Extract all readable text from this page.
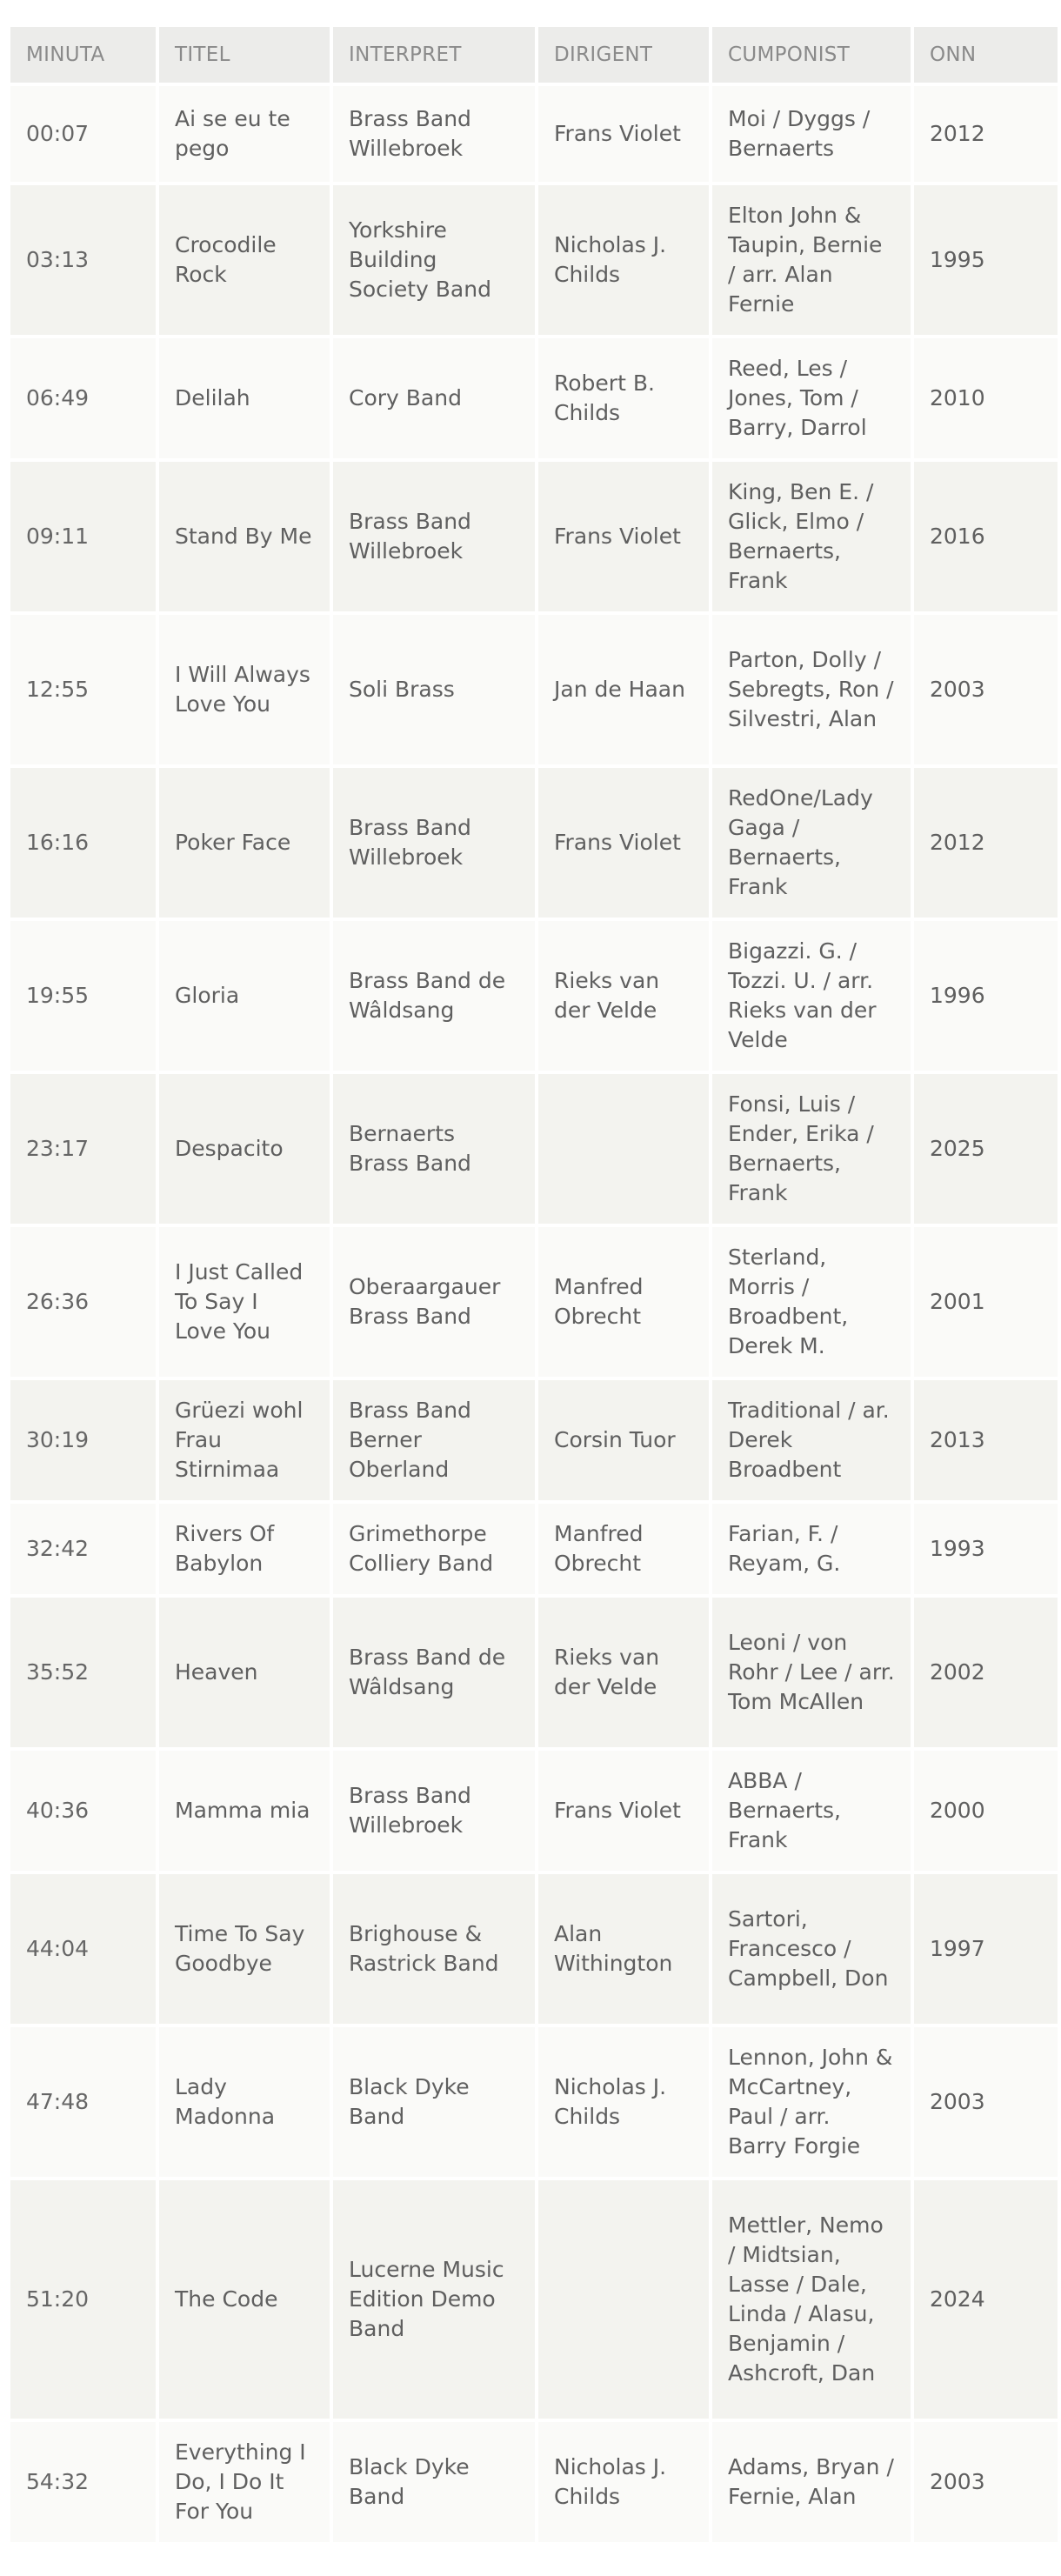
MINUTA	TITEL	INTERPRET	DIRIGENT	CUMPONIST	ONN
00:07	Ai se eu te pego	Brass Band Willebroek	Frans Violet	Moi / Dyggs / Bernaerts	2012
03:13	Crocodile Rock	Yorkshire Building Society Band	Nicholas J. Childs	Elton John & Taupin, Bernie / arr. Alan Fernie	1995
06:49	Delilah	Cory Band	Robert B. Childs	Reed, Les / Jones, Tom / Barry, Darrol	2010
09:11	Stand By Me	Brass Band Willebroek	Frans Violet	King, Ben E. / Glick, Elmo / Bernaerts, Frank	2016
12:55	I Will Always Love You	Soli Brass	Jan de Haan	Parton, Dolly / Sebregts, Ron / Silvestri, Alan	2003
16:16	Poker Face	Brass Band Willebroek	Frans Violet	RedOne/Lady Gaga / Bernaerts, Frank	2012
19:55	Gloria	Brass Band de Wâldsang	Rieks van der Velde	Bigazzi. G. / Tozzi. U. / arr. Rieks van der Velde	1996
23:17	Despacito	Bernaerts Brass Band		Fonsi, Luis / Ender, Erika / Bernaerts, Frank	2025
26:36	I Just Called To Say I Love You	Oberaargauer Brass Band	Manfred Obrecht	Sterland, Morris / Broadbent, Derek M.	2001
30:19	Grüezi wohl Frau Stirnimaa	Brass Band Berner Oberland	Corsin Tuor	Traditional / ar. Derek Broadbent	2013
32:42	Rivers Of Babylon	Grimethorpe Colliery Band	Manfred Obrecht	Farian, F. / Reyam, G.	1993
35:52	Heaven	Brass Band de Wâldsang	Rieks van der Velde	Leoni / von Rohr / Lee / arr. Tom McAllen	2002
40:36	Mamma mia	Brass Band Willebroek	Frans Violet	ABBA / Bernaerts, Frank	2000
44:04	Time To Say Goodbye	Brighouse & Rastrick Band	Alan Withington	Sartori, Francesco / Campbell, Don	1997
47:48	Lady Madonna	Black Dyke Band	Nicholas J. Childs	Lennon, John & McCartney, Paul / arr. Barry Forgie	2003
51:20	The Code	Lucerne Music Edition Demo Band		Mettler, Nemo / Midtsian, Lasse / Dale, Linda / Alasu, Benjamin / Ashcroft, Dan	2024
54:32	Everything I Do, I Do It For You	Black Dyke Band	Nicholas J. Childs	Adams, Bryan / Fernie, Alan	2003
